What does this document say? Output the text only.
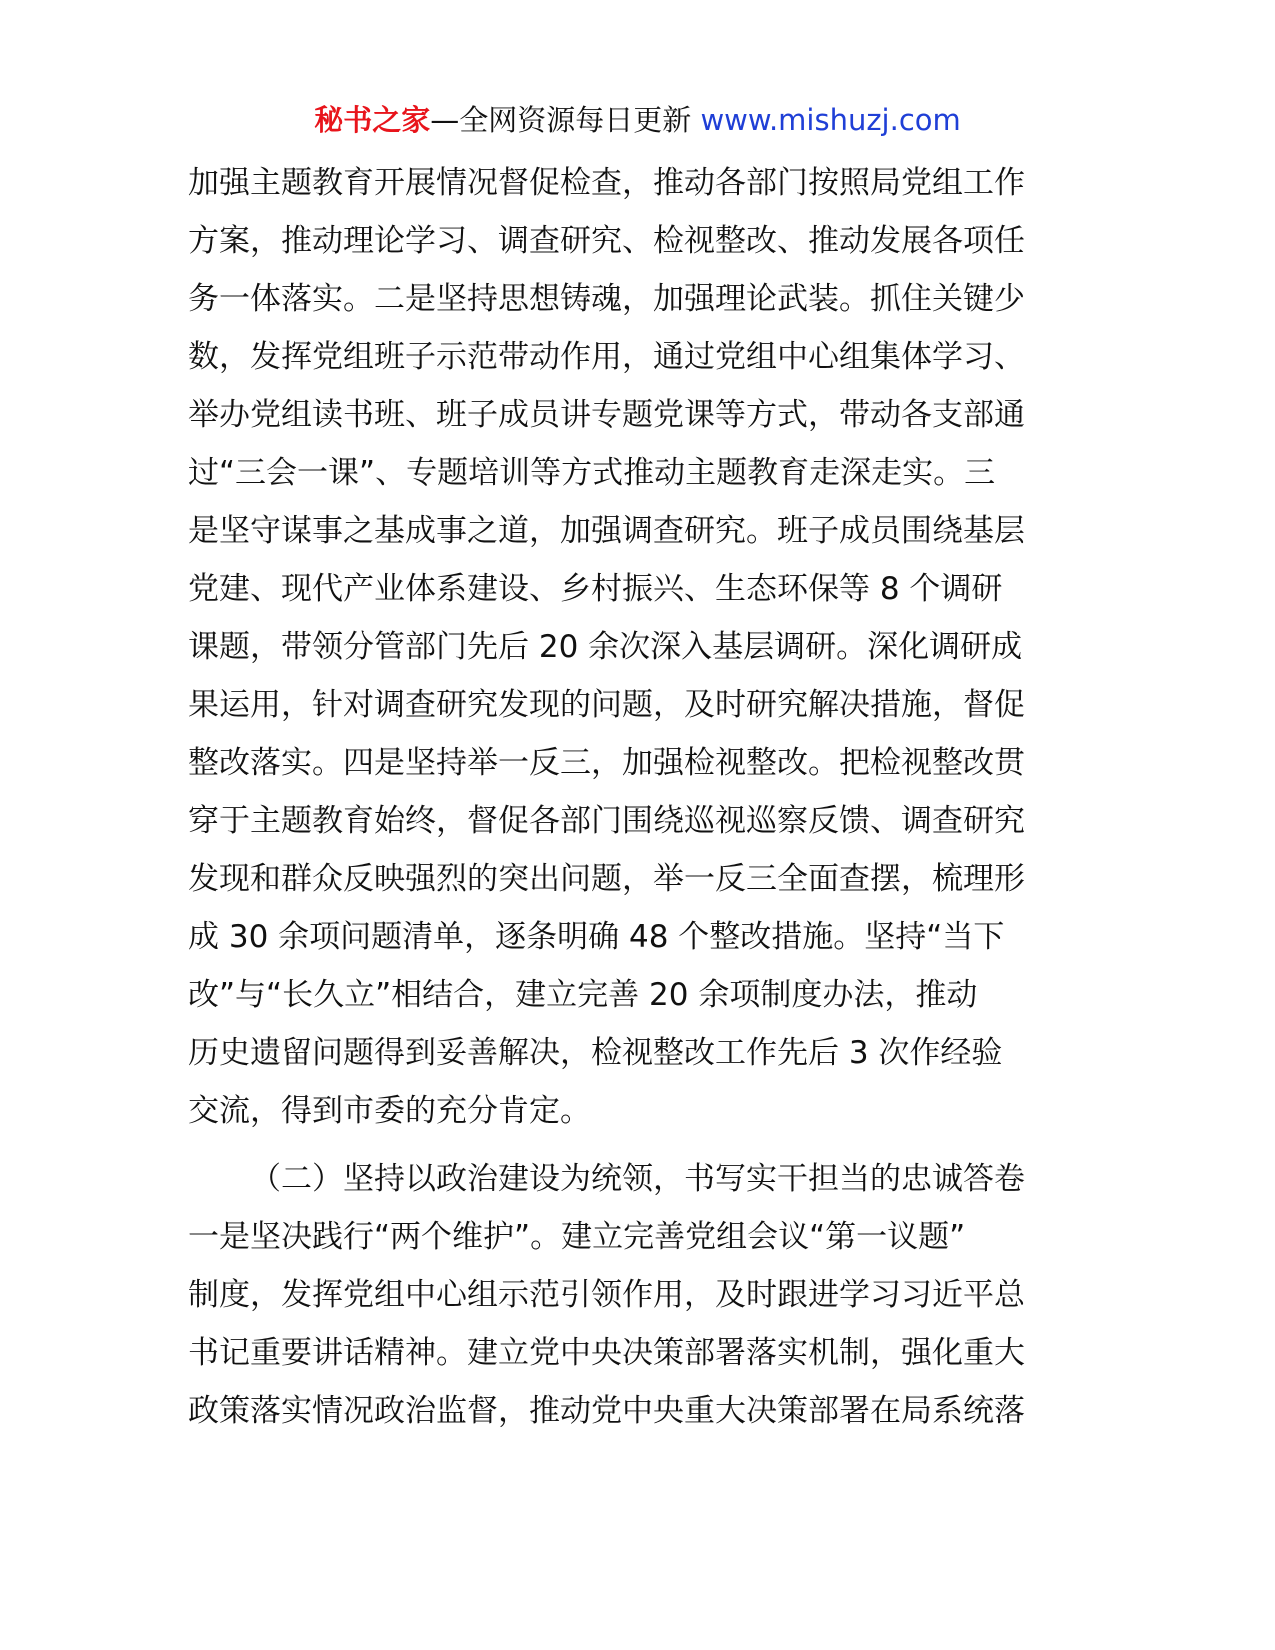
秘书之家—全网资源每日更新 www.mishuzj.com
加强主题教育开展情况督促检查，推动各部门按照局党组工作
方案，推动理论学习、调查研究、检视整改、推动发展各项任
务一体落实。二是坚持思想铸魂，加强理论武装。抓住关键少
数，发挥党组班子示范带动作用，通过党组中心组集体学习、
举办党组读书班、班子成员讲专题党课等方式，带动各支部通
过“三会一课”、专题培训等方式推动主题教育走深走实。三
是坚守谋事之基成事之道，加强调查研究。班子成员围绕基层
党建、现代产业体系建设、乡村振兴、生态环保等 8 个调研
课题，带领分管部门先后 20 余次深入基层调研。深化调研成
果运用，针对调查研究发现的问题，及时研究解决措施，督促
整改落实。四是坚持举一反三，加强检视整改。把检视整改贯
穿于主题教育始终，督促各部门围绕巡视巡察反馈、调查研究
发现和群众反映强烈的突出问题，举一反三全面查摆，梳理形
成 30 余项问题清单，逐条明确 48 个整改措施。坚持“当下
改”与“长久立”相结合，建立完善 20 余项制度办法，推动
历史遗留问题得到妥善解决，检视整改工作先后 3 次作经验
交流，得到市委的充分肯定。
（二）坚持以政治建设为统领，书写实干担当的忠诚答卷
一是坚决践行“两个维护”。建立完善党组会议“第一议题”
制度，发挥党组中心组示范引领作用，及时跟进学习习近平总
书记重要讲话精神。建立党中央决策部署落实机制，强化重大
政策落实情况政治监督，推动党中央重大决策部署在局系统落
